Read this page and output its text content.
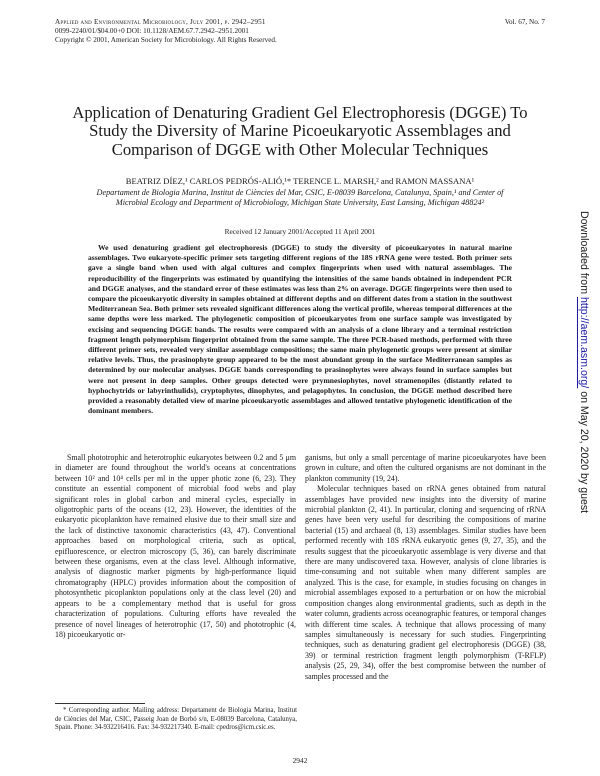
Applied and Environmental Microbiology, July 2001, p. 2942–2951	Vol. 67, No. 7
0099-2240/01/$04.00+0 DOI: 10.1128/AEM.67.7.2942–2951.2001
Copyright © 2001, American Society for Microbiology. All Rights Reserved.
Application of Denaturing Gradient Gel Electrophoresis (DGGE) To Study the Diversity of Marine Picoeukaryotic Assemblages and Comparison of DGGE with Other Molecular Techniques
BEATRIZ DÍEZ,¹ CARLOS PEDRÓS-ALIÓ,¹* TERENCE L. MARSH,² and RAMON MASSANA¹
Departament de Biologia Marina, Institut de Ciències del Mar, CSIC, E-08039 Barcelona, Catalunya, Spain,¹ and Center of Microbial Ecology and Department of Microbiology, Michigan State University, East Lansing, Michigan 48824²
Received 12 January 2001/Accepted 11 April 2001
We used denaturing gradient gel electrophoresis (DGGE) to study the diversity of picoeukaryotes in natural marine assemblages. Two eukaryote-specific primer sets targeting different regions of the 18S rRNA gene were tested. Both primer sets gave a single band when used with algal cultures and complex fingerprints when used with natural assemblages. The reproducibility of the fingerprints was estimated by quantifying the intensities of the same bands obtained in independent PCR and DGGE analyses, and the standard error of these estimates was less than 2% on average. DGGE fingerprints were then used to compare the picoeukaryotic diversity in samples obtained at different depths and on different dates from a station in the southwest Mediterranean Sea. Both primer sets revealed significant differences along the vertical profile, whereas temporal differences at the same depths were less marked. The phylogenetic composition of picoeukaryotes from one surface sample was investigated by excising and sequencing DGGE bands. The results were compared with an analysis of a clone library and a terminal restriction fragment length polymorphism fingerprint obtained from the same sample. The three PCR-based methods, performed with three different primer sets, revealed very similar assemblage compositions; the same main phylogenetic groups were present at similar relative levels. Thus, the prasinophyte group appeared to be the most abundant group in the surface Mediterranean samples as determined by our molecular analyses. DGGE bands corresponding to prasinophytes were always found in surface samples but were not present in deep samples. Other groups detected were prymnesiophytes, novel stramenopiles (distantly related to hyphochytrids or labyrinthulids), cryptophytes, dinophytes, and pelagophytes. In conclusion, the DGGE method described here provided a reasonably detailed view of marine picoeukaryotic assemblages and allowed tentative phylogenetic identification of the dominant members.

Small phototrophic and heterotrophic eukaryotes between 0.2 and 5 μm in diameter are found throughout the world's oceans at concentrations between 10² and 10⁴ cells per ml in the upper photic zone (6, 23). They constitute an essential component of microbial food webs and play significant roles in global carbon and mineral cycles, especially in oligotrophic parts of the oceans (12, 23). However, the identities of the eukaryotic picoplankton have remained elusive due to their small size and the lack of distinctive taxonomic characteristics (43, 47). Conventional approaches based on morphological criteria, such as optical, epifluorescence, or electron microscopy (5, 36), can barely discriminate between these organisms, even at the class level. Although informative, analysis of diagnostic marker pigments by high-performance liquid chromatography (HPLC) provides information about the composition of photosynthetic picoplankton populations only at the class level (20) and appears to be a complementary method that is useful for gross characterization of populations. Culturing efforts have revealed the presence of novel lineages of heterotrophic (17, 50) and phototrophic (4, 18) picoeukaryotic or-

ganisms, but only a small percentage of marine picoeukaryotes have been grown in culture, and often the cultured organisms are not dominant in the plankton community (19, 24).

Molecular techniques based on rRNA genes obtained from natural assemblages have provided new insights into the diversity of marine microbial plankton (2, 41). In particular, cloning and sequencing of rRNA genes have been very useful for describing the compositions of marine bacterial (15) and archaeal (8, 13) assemblages. Similar studies have been performed recently with 18S rRNA eukaryotic genes (9, 27, 35), and the results suggest that the picoeukaryotic assemblage is very diverse and that there are many undiscovered taxa. However, analysis of clone libraries is time-consuming and not suitable when many different samples are analyzed. This is the case, for example, in studies focusing on changes in microbial assemblages exposed to a perturbation or on how the microbial composition changes along environmental gradients, such as depth in the water column, gradients across oceanographic features, or temporal changes with different time scales. A technique that allows processing of many samples simultaneously is necessary for such studies. Fingerprinting techniques, such as denaturing gradient gel electrophoresis (DGGE) (38, 39) or terminal restriction fragment length polymorphism (T-RFLP) analysis (25, 29, 34), offer the best compromise between the number of samples processed and the

* Corresponding author. Mailing address: Departament de Biologia Marina, Institut de Ciències del Mar, CSIC, Passeig Joan de Borbó s/n, E-08039 Barcelona, Catalunya, Spain. Phone: 34-932216416. Fax: 34-932217340. E-mail: cpedros@icm.csic.es.
2942
Downloaded from http://aem.asm.org/ on May 20, 2020 by guest
